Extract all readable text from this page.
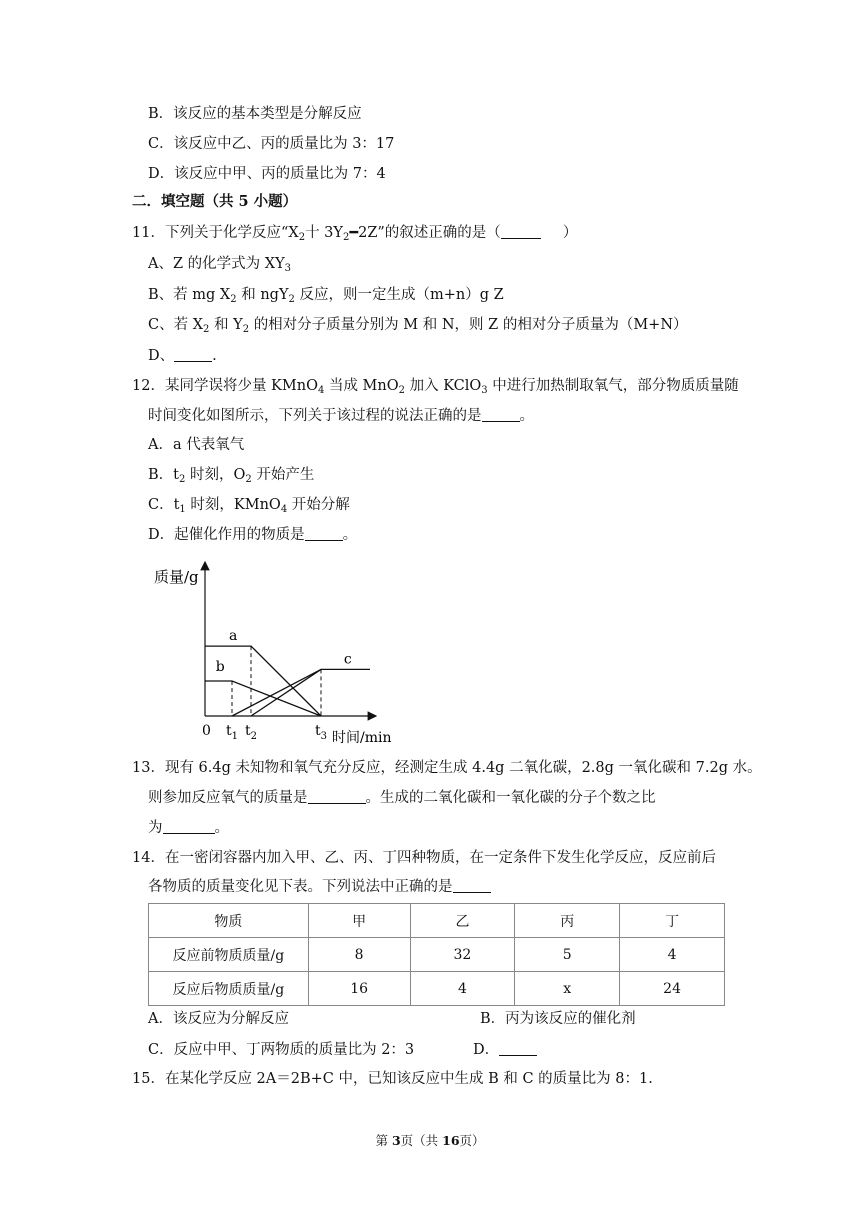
B．该反应的基本类型是分解反应
C．该反应中乙、丙的质量比为 3：17
D．该反应中甲、丙的质量比为 7：4
二．填空题（共 5 小题）
11．下列关于化学反应“$X_2$十 $3Y_2━2Z$”的叙述正确的是（	）
A、Z 的化学式为 $XY_3$
B、若 mg $X_2$ 和 ngY$_2$ 反应，则一定生成（m+n）g Z
C、若 $X_2$ 和 $Y_2$ 的相对分子质量分别为 M 和 N，则 Z 的相对分子质量为（M+N）
D、	.
12．某同学误将少量 KMnO$_4$ 当成 MnO$_2$ 加入 KClO$_3$ 中进行加热制取氧气，部分物质质量随
时间变化如图所示，下列关于该过程的说法正确的是	。
A．a 代表氧气
B．$t_2$ 时刻，$O_2$ 开始产生
C．$t_1$ 时刻，KMnO$_4$ 开始分解
D．起催化作用的物质是	。
质量/g
时间/min
0
a
b	c
$t_1$ $t_2$	$t_3$
13．现有 6.4g 未知物和氧气充分反应，经测定生成 4.4g 二氧化碳，2.8g 一氧化碳和 7.2g 水。
则参加反应氧气的质量是	。生成的二氧化碳和一氧化碳的分子个数之比
为	。
14．在一密闭容器内加入甲、乙、丙、丁四种物质，在一定条件下发生化学反应，反应前后
各物质的质量变化见下表。下列说法中正确的是
物质	甲	乙	丙	丁
反应前物质质量/g	8	32	5	4
反应后物质质量/g	16	4	x	24
A．该反应为分解反应	B．丙为该反应的催化剂
C．反应中甲、丁两物质的质量比为 2：3	D．
15．在某化学反应 2A＝2B+C 中，已知该反应中生成 B 和 C 的质量比为 8：1.
第 3页（共 16页）
